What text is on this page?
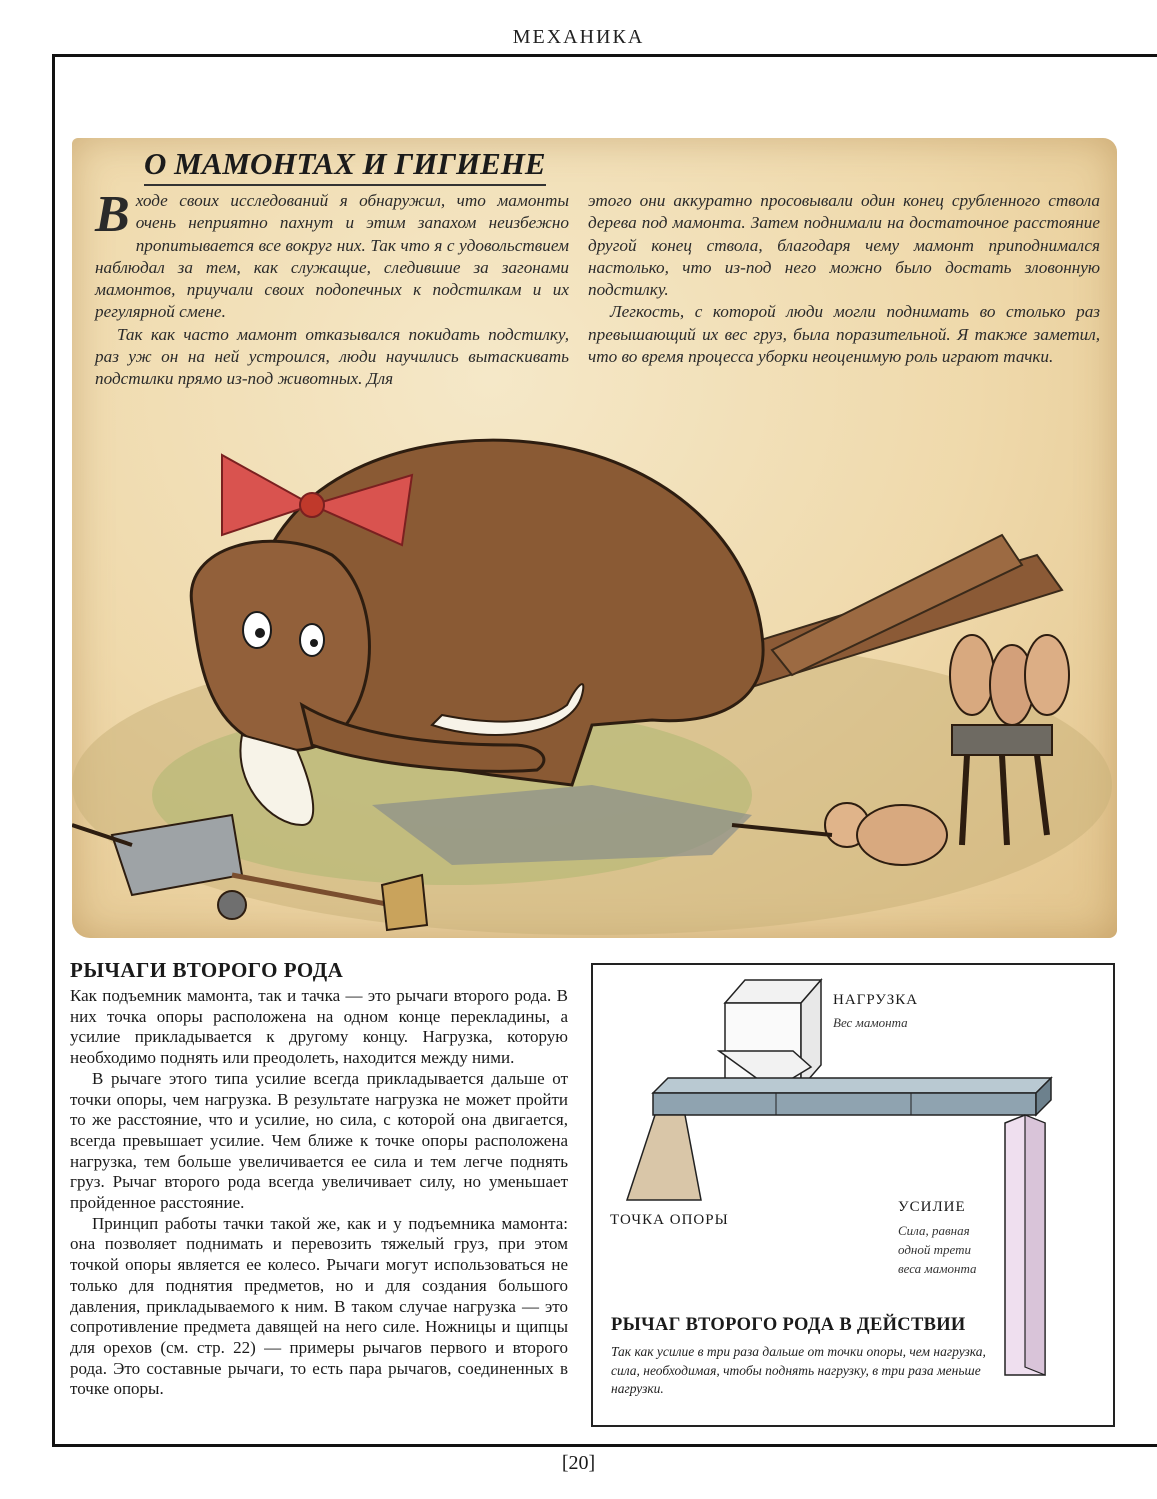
МЕХАНИКА
О МАМОНТАХ И ГИГИЕНЕ

Входе своих исследований я обнаружил, что мамонты очень неприятно пахнут и этим запахом неизбежно пропитывается все вокруг них. Так что я с удовольствием наблюдал за тем, как служащие, следившие за загонами мамонтов, приучали своих подопечных к подстилкам и их регулярной смене.

Так как часто мамонт отказывался покидать подстилку, раз уж он на ней устроился, люди научились вытаскивать подстилки прямо из-под животных. Для

этого они аккуратно просовывали один конец срубленного ствола дерева под мамонта. Затем поднимали на достаточное расстояние другой конец ствола, благодаря чему мамонт приподнимался настолько, что из-под него можно было достать зловонную подстилку.

Легкость, с которой люди могли поднимать во столько раз превышающий их вес груз, была поразительной. Я также заметил, что во время процесса уборки неоценимую роль играют тачки.

РЫЧАГИ ВТОРОГО РОДА

Как подъемник мамонта, так и тачка — это рычаги второго рода. В них точка опоры расположена на одном конце перекладины, а усилие прикладывается к другому концу. Нагрузка, которую необходимо поднять или преодолеть, находится между ними.

В рычаге этого типа усилие всегда прикладывается дальше от точки опоры, чем нагрузка. В результате нагрузка не может пройти то же расстояние, что и усилие, но сила, с которой она двигается, всегда превышает усилие. Чем ближе к точке опоры расположена нагрузка, тем больше увеличивается ее сила и тем легче поднять груз. Рычаг второго рода всегда увеличивает силу, но уменьшает пройденное расстояние.

Принцип работы тачки такой же, как и у подъемника мамонта: она позволяет поднимать и перевозить тяжелый груз, при этом точкой опоры является ее колесо. Рычаги могут использоваться не только для поднятия предметов, но и для создания большого давления, прикладываемого к ним. В таком случае нагрузка — это сопротивление предмета давящей на него силе. Ножницы и щипцы для орехов (см. стр. 22) — примеры рычагов первого и второго рода. Это составные рычаги, то есть пара рычагов, соединенных в точке опоры.

НАГРУЗКА
Вес мамонта
ТОЧКА ОПОРЫ
УСИЛИЕ
Сила, равная
одной трети
веса мамонта
РЫЧАГ ВТОРОГО РОДА В ДЕЙСТВИИ
Так как усилие в три раза дальше от точки опоры, чем нагрузка, сила, необходимая, чтобы поднять нагрузку, в три раза меньше нагрузки.
[20]
